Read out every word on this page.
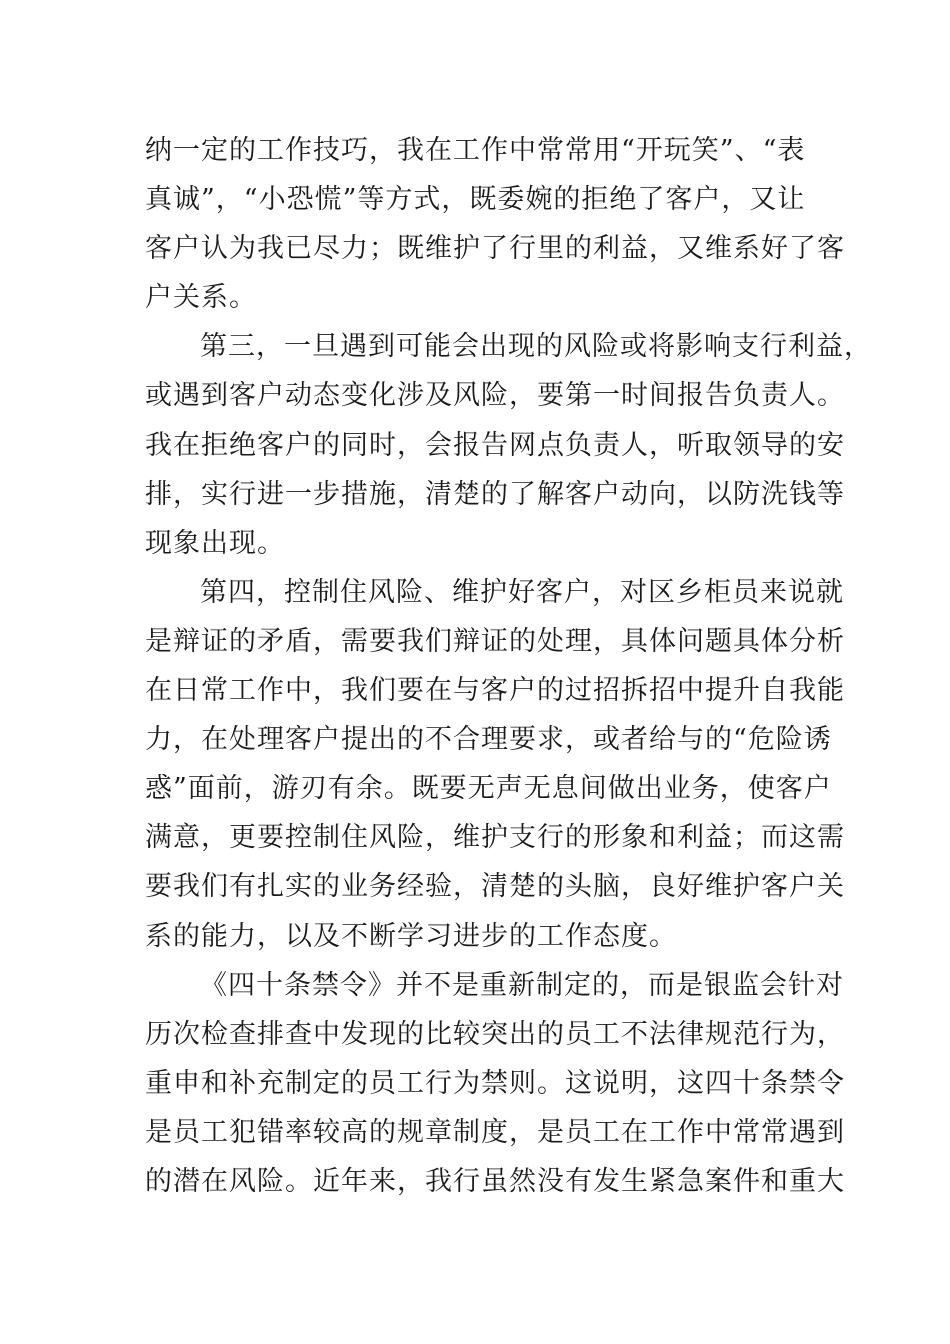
纳一定的工作技巧，我在工作中常常用“开玩笑”、“表
真诚”，“小恐慌”等方式，既委婉的拒绝了客户，又让
客户认为我已尽力；既维护了行里的利益，又维系好了客
户关系。
第三，一旦遇到可能会出现的风险或将影响支行利益，
或遇到客户动态变化涉及风险，要第一时间报告负责人。
我在拒绝客户的同时，会报告网点负责人，听取领导的安
排，实行进一步措施，清楚的了解客户动向，以防洗钱等
现象出现。
第四，控制住风险、维护好客户，对区乡柜员来说就
是辩证的矛盾，需要我们辩证的处理，具体问题具体分析
在日常工作中，我们要在与客户的过招拆招中提升自我能
力，在处理客户提出的不合理要求，或者给与的“危险诱
惑”面前，游刃有余。既要无声无息间做出业务，使客户
满意，更要控制住风险，维护支行的形象和利益；而这需
要我们有扎实的业务经验，清楚的头脑，良好维护客户关
系的能力，以及不断学习进步的工作态度。
《四十条禁令》并不是重新制定的，而是银监会针对
历次检查排查中发现的比较突出的员工不法律规范行为，
重申和补充制定的员工行为禁则。这说明，这四十条禁令
是员工犯错率较高的规章制度，是员工在工作中常常遇到
的潜在风险。近年来，我行虽然没有发生紧急案件和重大
